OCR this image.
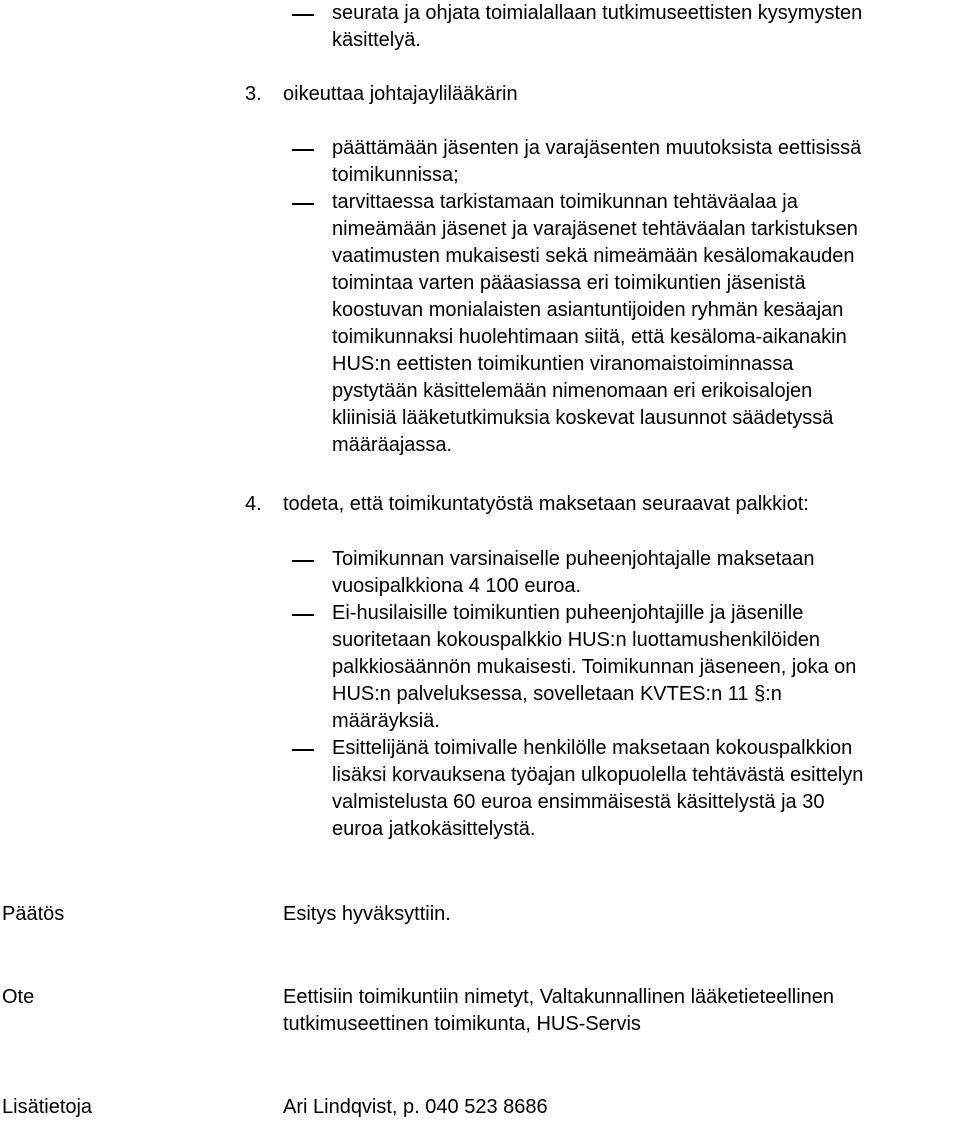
seurata ja ohjata toimialallaan tutkimuseettisten kysymysten
käsittelyä.
3. oikeuttaa johtajaylilääkärin
päättämään jäsenten ja varajäsenten muutoksista eettisissä
toimikunnissa;
tarvittaessa tarkistamaan toimikunnan tehtäväalaa ja
nimeämään jäsenet ja varajäsenet tehtäväalan tarkistuksen
vaatimusten mukaisesti sekä nimeämään kesälomakauden
toimintaa varten pääasiassa eri toimikuntien jäsenistä
koostuvan monialaisten asiantuntijoiden ryhmän kesäajan
toimikunnaksi huolehtimaan siitä, että kesäloma-aikanakin
HUS:n eettisten toimikuntien viranomaistoiminnassa
pystytään käsittelemään nimenomaan eri erikoisalojen
kliinisiä lääketutkimuksia koskevat lausunnot säädetyssä
määräajassa.
4. todeta, että toimikuntatyöstä maksetaan seuraavat palkkiot:
Toimikunnan varsinaiselle puheenjohtajalle maksetaan
vuosipalkkiona 4 100 euroa.
Ei-husilaisille toimikuntien puheenjohtajille ja jäsenille
suoritetaan kokouspalkkio HUS:n luottamushenkilöiden
palkkiosäännön mukaisesti. Toimikunnan jäseneen, joka on
HUS:n palveluksessa, sovelletaan KVTES:n 11 §:n
määräyksiä.
Esittelijänä toimivalle henkilölle maksetaan kokouspalkkion
lisäksi korvauksena työajan ulkopuolella tehtävästä esittelyn
valmistelusta 60 euroa ensimmäisestä käsittelystä ja 30
euroa jatkokäsittelystä.
Päätös	Esitys hyväksyttiin.
Ote	Eettisiin toimikuntiin nimetyt, Valtakunnallinen lääketieteellinen
tutkimuseettinen toimikunta, HUS-Servis
Lisätietoja	Ari Lindqvist, p. 040 523 8686
